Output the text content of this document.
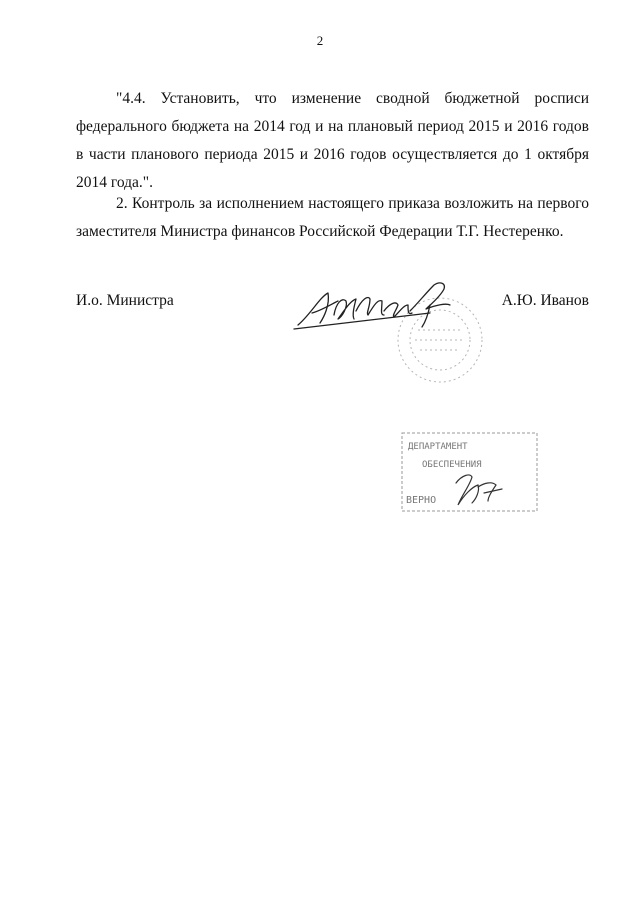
2

"4.4. Установить, что изменение сводной бюджетной росписи
федерального бюджета на 2014 год и на плановый период 2015 и 2016 годов
в части планового периода 2015 и 2016 годов осуществляется до 1 октября
2014 года.".

2. Контроль за исполнением настоящего приказа возложить на первого
заместителя Министра финансов Российской Федерации Т.Г. Нестеренко.

И.о. Министра	А.Ю. Иванов
ДЕПАРТАМЕНТ
ОБЕСПЕЧЕНИЯ
ВЕРНО
